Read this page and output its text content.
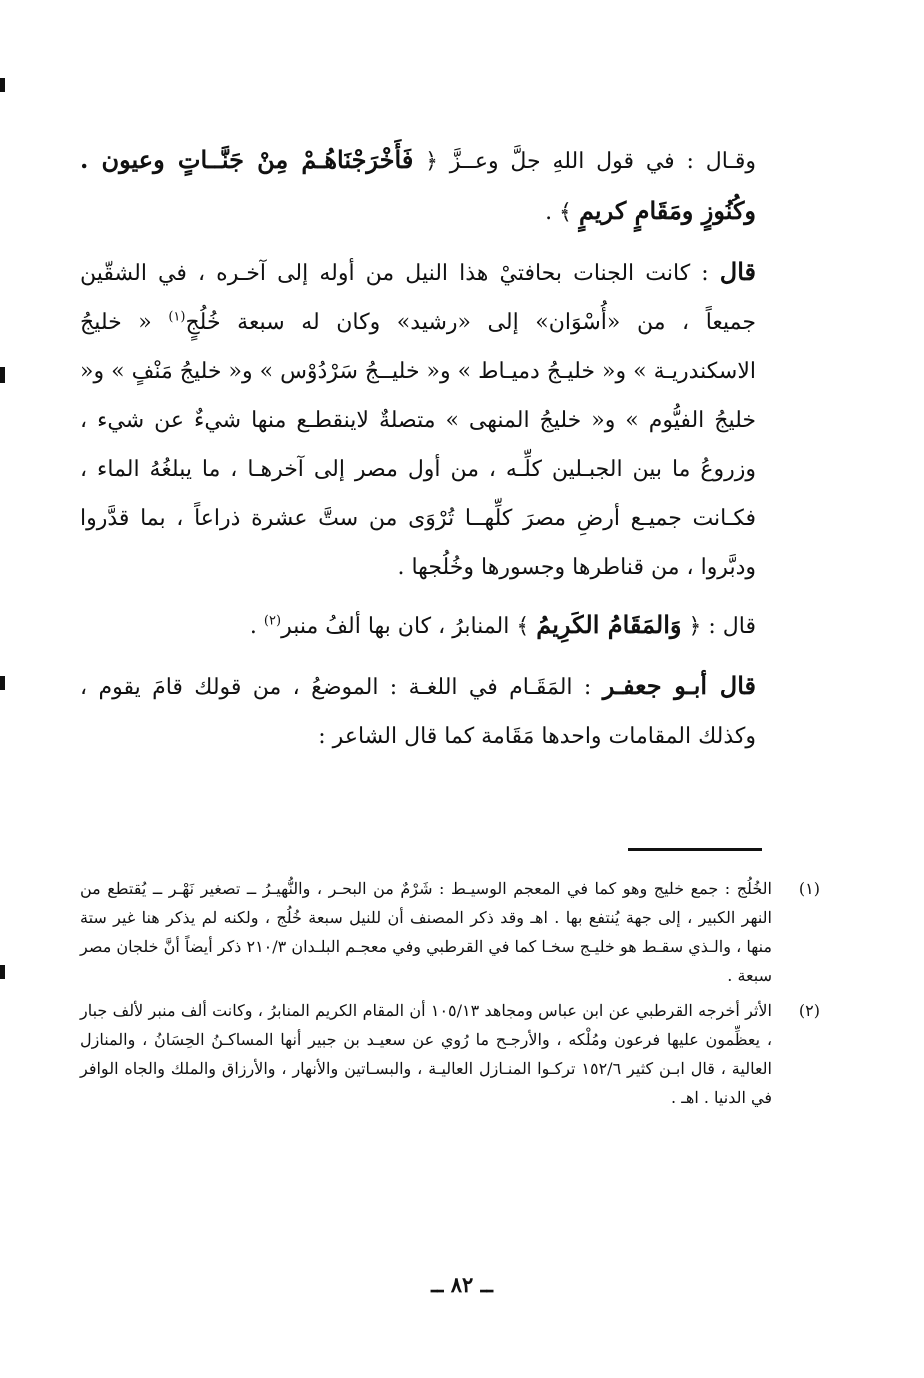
وقـال : في قول اللهِ جلَّ وعــزَّ ﴿ فَأَخْرَجْنَاهُـمْ مِنْ جَنَّــاتٍ وعيون . وكُنُوزٍ ومَقَامٍ كريمٍ ﴾ .

قال : كانت الجنات بحافتيْ هذا النيل من أوله إلى آخـره ، في الشقّين جميعاً ، من «أُسْوَان» إلى «رشيد» وكان له سبعة خُلُجٍ$^{(١)}$ « خليجُ الاسكندريـة » و« خليـجُ دميـاط » و« خليــجُ سَرْدُوْس » و« خليجُ مَنْفٍ » و« خليجُ الفيُّوم » و« خليجُ المنهى » متصلةٌ لاينقطـع منها شيءٌ عن شيء ، وزروعُ ما بين الجبـلين كلِّـه ، من أول مصر إلى آخرهـا ، ما يبلغُهُ الماء ، فكـانت جميـع أرضِ مصرَ كلِّهــا تُرْوَى من ستَّ عشرة ذراعاً ، بما قدَّروا ودبَّروا ، من قناطرها وجسورها وخُلُجها .

قال : ﴿ وَالمَقَامُ الكَرِيمُ ﴾ المنابرُ ، كان بها ألفُ منبر$^{(٢)}$ .

قال أبـو جعفـر : المَقَـام في اللغـة : الموضعُ ، من قولك قامَ يقوم ، وكذلك المقامات واحدها مَقَامة كما قال الشاعر :

(١)

الخُلُج : جمع خليج وهو كما في المعجم الوسيـط : شَرْمٌ من البحـر ، والنُّهيـرُ ــ تصغير نَهْـر ــ يُقتطع من النهر الكبير ، إلى جهة يُنتفع بها . اهـ وقد ذكر المصنف أن للنيل سبعة خُلُج ، ولكنه لم يذكر هنا غير ستة منها ، والـذي سقـط هو خليـج سخـا كما في القرطبي وفي معجـم البلـدان ٢١٠/٣ ذكر أيضاً أنَّ خلجان مصر سبعة .

(٢)

الأثر أخرجه القرطبي عن ابن عباس ومجاهد ١٠٥/١٣ أن المقام الكريم المنابرُ ، وكانت ألف منبر لألف جبار ، يعظِّمون عليها فرعون ومُلْكه ، والأرجـح ما رُوي عن سعيـد بن جبير أنها المساكـنُ الحِسَانُ ، والمنازل العالية ، قال ابـن كثير ١٥٢/٦ تركـوا المنـازل العاليـة ، والبسـاتين والأنهار ، والأرزاق والملك والجاه الوافر في الدنيا . اهـ .

ــ ٨٢ ــ
